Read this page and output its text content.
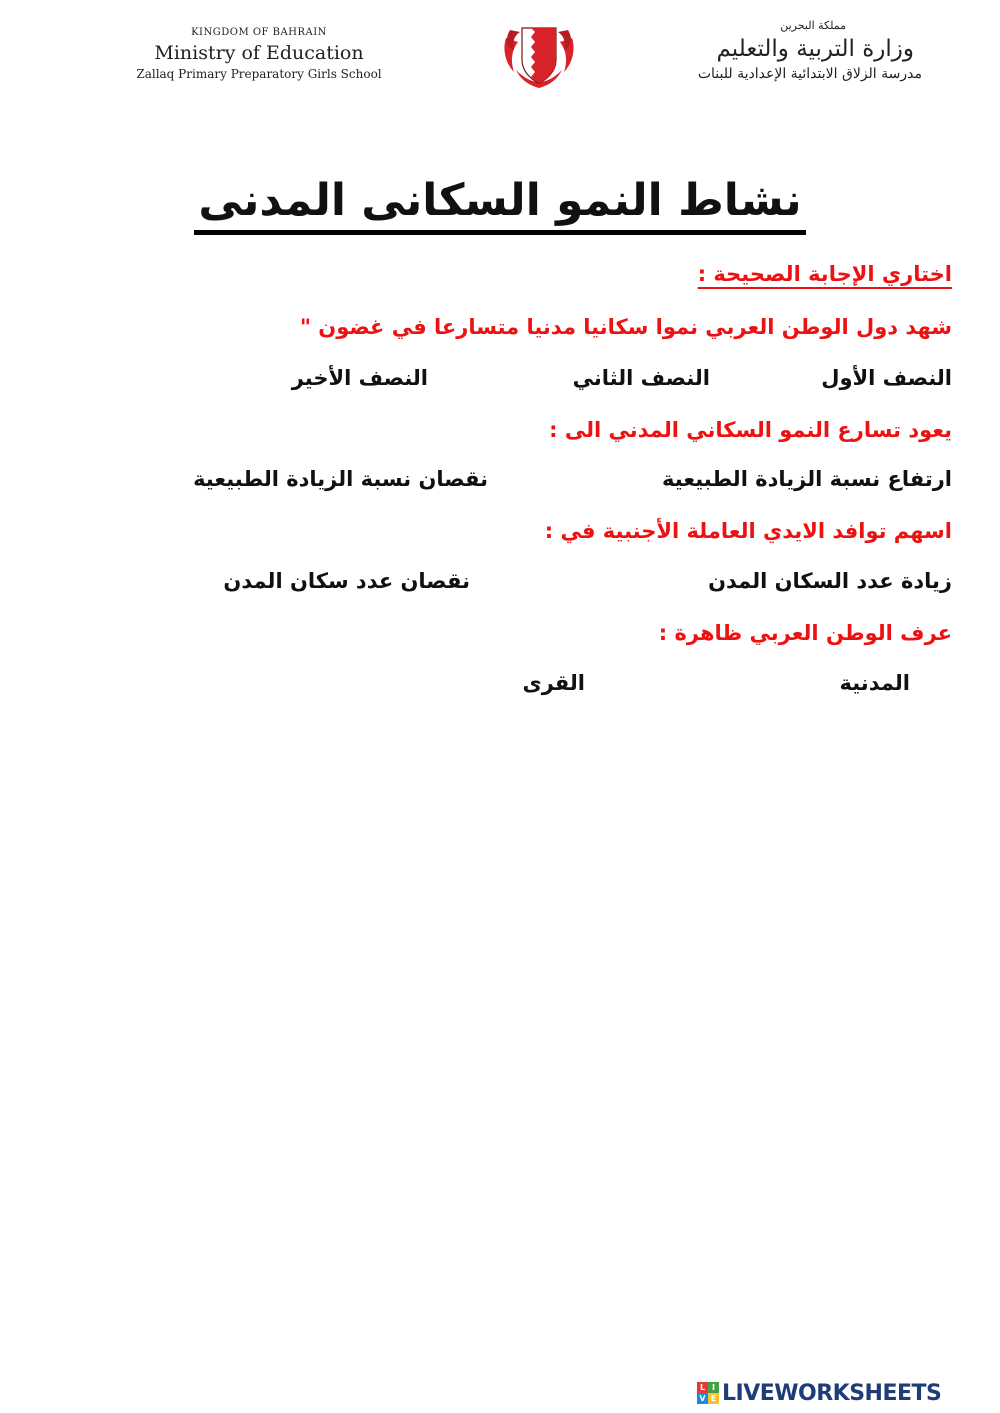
KINGDOM OF BAHRAIN
Ministry of Education
Zallaq Primary Preparatory Girls School
مملكة البحرين
وزارة التربية والتعليم
مدرسة الزلاق الابتدائية الإعدادية للبنات
نشاط النمو السكانى المدنى
اختاري الإجابة الصحيحة :
شهد دول الوطن العربي نموا سكانيا مدنيا متسارعا في غضون "
النصف الأول
النصف الثاني
النصف الأخير
يعود تسارع النمو السكاني المدني الى :
ارتفاع نسبة الزيادة الطبيعية
نقصان نسبة الزيادة الطبيعية
اسهم توافد الايدي العاملة الأجنبية في :
زيادة عدد السكان المدن
نقصان عدد سكان المدن
عرف الوطن العربي ظاهرة :
المدنية
القرى
L I
V E LIVEWORKSHEETS
